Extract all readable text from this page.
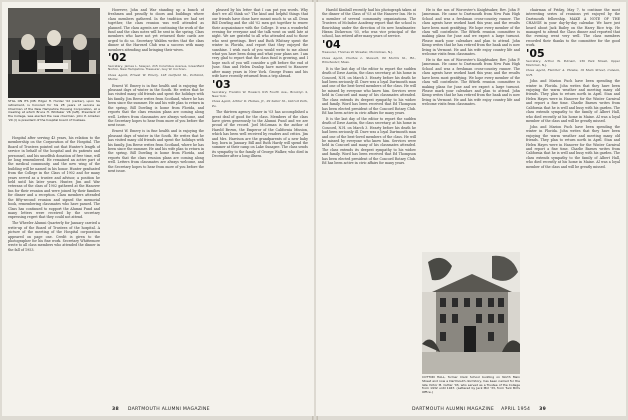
STILL ON ITS JOB: Edgar H. Hunter '02 (center), upon his retirement, is honored for his 28 years of service as Chairman of the New Hampshire Housing Corporation, at a meeting at which Bruce H. Whitaker '26 (left), President of the College, was elected the new chairman. John P. Amsden '20 (r) is president of the hospital board of trustees.

Hospital after serving 43 years, his relation to the membership on the Corporation of the Hospital. The Board of Trustees pointed out that Hunter's length of service in behalf of the hospital and its patients and personnel, and his unselfish donation of free time, will be long remembered. He remained an active part of the medical community, and the new wing of the building will be named in his honor. Hunter graduated from the College in the Class of 1902 and for many years served as a trustee and advisor, a position he held until his later years. Hunter, Jim and War veterans of the class of 1902 gathered at the Hanover Inn for their reunion and were joined by their families for dinner and a reception. Class members attended the fifty-second reunion and signed the memorial book, remembering classmates who have passed. The Class has continued to support the Alumni Fund and many letters were received by the secretary expressing regret that they could not attend.

The Wheeler Alumni Quarterly for January carried a write-up of the Board of Trustees of the hospital. A picture of the meeting of the Hospital corporation appeared on page one. Credit is given to the photographer for his fine work. Secretary Whittemore wrote to all class members who attended the dinner in the fall of 1953.

However, John and War standing up a bunch of freshmen and proudly to doors and buildings where class members gathered. In the tradition we had set together, the class reunion was well attended as planned. The class agents are continuing the work of the fund and the class notes will be sent in the spring. Class members who have not yet returned their cards are urged to do so. Secretary Walden writes that the class dinner at the Harvard Club was a success with many members attending and bringing their wives.

'02

Secretary, Jamea L. Sawyer, 215 Columbus Avenue, Greenfield Norton, New Hampshire. Treasurer, Guy W. Cochran.

Class Agent, Ernest W. Emery, 128 Garfield St., Portland, Maine.

Ernest W. Emery is in fine health and is enjoying the pleasant days of winter in the South. He writes that he has visited many old friends and spent the holidays with his family. Jim Reese writes from Scotland, where he has been since the summer. He and his wife plan to return in the spring. Bill Dowling is home from Florida, and reports that the class reunion plans are coming along well. Letters from classmates are always welcome, and the Secretary hopes to hear from more of you before the next issue.

Ernest W. Emery is in fine health and is enjoying the pleasant days of winter in the South. He writes that he has visited many old friends and spent the holidays with his family. Jim Reese writes from Scotland, where he has been since the summer. He and his wife plan to return in the spring. Bill Dowling is home from Florida, and reports that the class reunion plans are coming along well. Letters from classmates are always welcome, and the Secretary hopes to hear from more of you before the next issue.

pleased by his letter that I can put you words. Why don't we all think so? The kind and helpful things that our friends have done have meant much to us all. Dean Bill Dowling and the old '02 men got together to renew their acquaintance with the College. It was a wonderful evening for everyone and the talk went on until late at night. We are grateful to all who attended and to those who sent greetings. Bert and Ruth Whitney spent the winter in Florida, and report that they enjoyed the sunshine. I wish each of you would write to me about what you have been doing and what your plans are. I am very glad to report that the class fund is growing, and I hope each of you will consider a gift before the end of June. Stan and Helen Dunlop have moved to Hanover after many years in New York. George Evans and his wife have recently returned from a trip abroad.

'03

Secretary, Franklin W. Howard, 615 Fourth Ave., Brooklyn 4, New York.

Class Agent, Arthur D. Haines, Jr., 29 Sellar St., Detroit Park, Pa.

The thirteen agency dinner in '03 has accomplished a great deal of good for the class. Members of the class have given generously to the Alumni Fund and we are proud of the record. Joel McLeman is the author of Harold Brown, the Emperor of the California Mission, which has been well received by readers and critics. Jim and Mrs. Harrison are the grandparents of a new baby boy, born in January. Bill and Ruth Hardy will spend the summer at their camp on Lake Sunapee. The class sends its sympathy to the family of George Walker, who died in December after a long illness.

38 DARTMOUTH ALUMNI MAGAZINE

Harold Kimball recently had his photograph taken at the dinner of the Class of '03 at the Hanover Inn. He is a member of several community organizations. The Trustees of McIndoe Academy report that the school is flourishing under the direction of its new headmaster. Hiram Dickerson '03, who was vice principal of the school, has retired after many years of service.

'04

Treasurer, Thomas W. Streeter, Morristown, N.J.

Class Agent, Charles L. Stewart, 60 Morris St., Rd., Winchester, Mass.

It is the last day of the editor to report the sudden death of Dave Austin, the class secretary, at his home in Concord, N.H. on March 3. Hearty before his death he had been seriously ill. Dave was a loyal Dartmouth man and one of the best-loved members of the class. He will be missed by everyone who knew him. Services were held in Concord and many of his classmates attended. The class extends its deepest sympathy to his widow and family. Word has been received that Ed Thompson has been elected president of the Concord Rotary Club. Ed has been active in civic affairs for many years.

It is the last day of the editor to report the sudden death of Dave Austin, the class secretary, at his home in Concord, N.H. on March 3. Hearty before his death he had been seriously ill. Dave was a loyal Dartmouth man and one of the best-loved members of the class. He will be missed by everyone who knew him. Services were held in Concord and many of his classmates attended. The class extends its deepest sympathy to his widow and family. Word has been received that Ed Thompson has been elected president of the Concord Rotary Club. Ed has been active in civic affairs for many years.

He is the son of Worcester's Knightsaker, Rev. John P. Jamesman. He came to Dartmouth from New Pain High School and was a freshman cross-country runner. The class agents have worked hard this year, and the results have been most gratifying. We hope every member of the class will contribute. The fiftieth reunion committee is making plans for June and we expect a large turnout. Please mark your calendars and plan to attend. John Kemp writes that he has retired from the bank and is now living in Vermont. He and his wife enjoy country life and welcome visits from classmates.

He is the son of Worcester's Knightsaker, Rev. John P. Jamesman. He came to Dartmouth from New Pain High School and was a freshman cross-country runner. The class agents have worked hard this year, and the results have been most gratifying. We hope every member of the class will contribute. The fiftieth reunion committee is making plans for June and we expect a large turnout. Please mark your calendars and plan to attend. John Kemp writes that he has retired from the bank and is now living in Vermont. He and his wife enjoy country life and welcome visits from classmates.

COTTON HALL, former Clark School building on North Main Street and now a Dartmouth dormitory, has been named for the late Victor M. Cutter '03, who served as a Trustee of the College from 1932 until 1947. (Lettered by Jack Mirl '33, from Tuck Bill's Office.)

chairman of Friday, May 7, to continue the most interesting series of reunions yet enjoyed by the Dartmouth fellowship. MAKE A NOTE OF THE CHANGE in your day-by-day calendar. We have just heard about Jack Bailey on the Harry Rice trip. He managed to attend the Class dinner and reported that the evening went very well. The class members recorded their thanks to the committee for the good work.

'05

Secretary, Arthur W. Putnam, 130 Park Street, Upper Montclair, N.J.

Class Agent, Fletcher A. Hawks, 19 Main Street, Canaan, N.H.

John and Marion Fuch have been spending the winter in Florida. John writes that they have been enjoying the warm weather and meeting many old friends. They plan to return north in April. Stan and Helen Hayes were in Hanover for the Winter Carnival and report a fine time. Charlie Barnes writes from California that he is well and busy with his garden. The class extends sympathy to the family of Albert Hall, who died recently at his home in Maine. Al was a loyal member of the class and will be greatly missed.

John and Marion Fuch have been spending the winter in Florida. John writes that they have been enjoying the warm weather and meeting many old friends. They plan to return north in April. Stan and Helen Hayes were in Hanover for the Winter Carnival and report a fine time. Charlie Barnes writes from California that he is well and busy with his garden. The class extends sympathy to the family of Albert Hall, who died recently at his home in Maine. Al was a loyal member of the class and will be greatly missed.

DARTMOUTH ALUMNI MAGAZINE APRIL 1954 39
